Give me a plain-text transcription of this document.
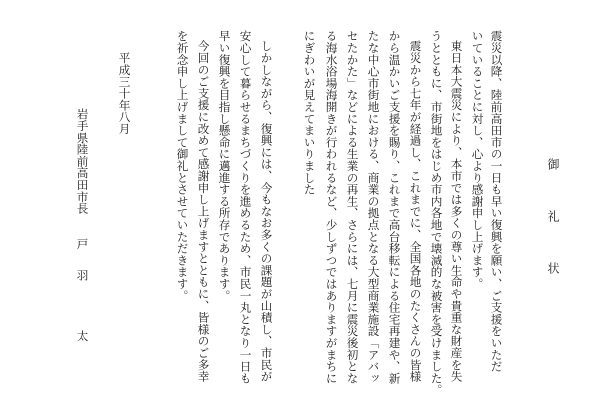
御　礼　状
震災以降、陸前高田市の一日も早い復興を願い、ご支援をいただ
いていることに対し、心より感謝申し上げます。
東日本大震災により、本市では多くの尊い生命や貴重な財産を失
うとともに、市街地をはじめ市内各地で壊滅的な被害を受けました。
震災から七年が経過し、これまでに、全国各地のたくさんの皆様
から温かいご支援を賜り、これまで高台移転による住宅再建や、新
たな中心市街地における、商業の拠点となる大型商業施設「アバッ
セたかた」などによる生業の再生、さらには、七月に震災後初とな
る海水浴場海開きが行われるなど、少しずつではありますがまちに
にぎわいが見えてまいりました
しかしながら、復興には、今もなお多くの課題が山積し、市民が
安心して暮らせるまちづくりを進めるため、市民一丸となり一日も
早い復興を目指し懸命に邁進する所存であります。
今回のご支援に改めて感謝申し上げますとともに、皆様のご多幸
を祈念申し上げまして御礼とさせていただきます。
平成三十年八月
岩手県陸前高田市長
戸　羽
太
